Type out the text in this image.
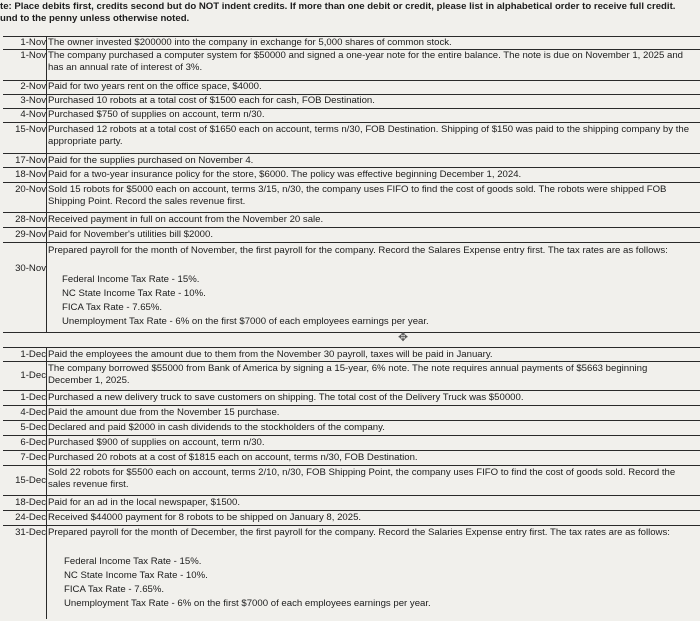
te: Place debits first, credits second but do NOT indent credits. If more than one debit or credit, please list in alphabetical order to receive full credit.
und to the penny unless otherwise noted.
1-Nov The owner invested $200000 into the company in exchange for 5,000 shares of common stock.
1-Nov The company purchased a computer system for $50000 and signed a one-year note for the entire balance. The note is due on November 1, 2025 and has an annual rate of interest of 3%.
2-Nov Paid for two years rent on the office space, $4000.
3-Nov Purchased 10 robots at a total cost of $1500 each for cash, FOB Destination.
4-Nov Purchased $750 of supplies on account, term n/30.
15-Nov Purchased 12 robots at a total cost of $1650 each on account, terms n/30, FOB Destination. Shipping of $150 was paid to the shipping company by the appropriate party.
17-Nov Paid for the supplies purchased on November 4.
18-Nov Paid for a two-year insurance policy for the store, $6000. The policy was effective beginning December 1, 2024.
20-Nov Sold 15 robots for $5000 each on account, terms 3/15, n/30, the company uses FIFO to find the cost of goods sold. The robots were shipped FOB Shipping Point. Record the sales revenue first.
28-Nov Received payment in full on account from the November 20 sale.
29-Nov Paid for November's utilities bill $2000.
30-Nov
Prepared payroll for the month of November, the first payroll for the company. Record the Salares Expense entry first. The tax rates are as follows:
Federal Income Tax Rate - 15%.
NC State Income Tax Rate - 10%.
FICA Tax Rate - 7.65%.
Unemployment Tax Rate - 6% on the first $7000 of each employees earnings per year.
✥
1-Dec Paid the employees the amount due to them from the November 30 payroll, taxes will be paid in January.
1-Dec
The company borrowed $55000 from Bank of America by signing a 15-year, 6% note. The note requires annual payments of $5663 beginning December 1, 2025.
1-Dec Purchased a new delivery truck to save customers on shipping. The total cost of the Delivery Truck was $50000.
4-Dec Paid the amount due from the November 15 purchase.
5-Dec Declared and paid $2000 in cash dividends to the stockholders of the company.
6-Dec Purchased $900 of supplies on account, term n/30.
7-Dec Purchased 20 robots at a cost of $1815 each on account, terms n/30, FOB Destination.
15-Dec
Sold 22 robots for $5500 each on account, terms 2/10, n/30, FOB Shipping Point, the company uses FIFO to find the cost of goods sold. Record the sales revenue first.
18-Dec Paid for an ad in the local newspaper, $1500.
24-Dec Received $44000 payment for 8 robots to be shipped on January 8, 2025.
31-Dec Prepared payroll for the month of December, the first payroll for the company. Record the Salaries Expense entry first. The tax rates are as follows:
Federal Income Tax Rate - 15%.
NC State Income Tax Rate - 10%.
FICA Tax Rate - 7.65%.
Unemployment Tax Rate - 6% on the first $7000 of each employees earnings per year.
